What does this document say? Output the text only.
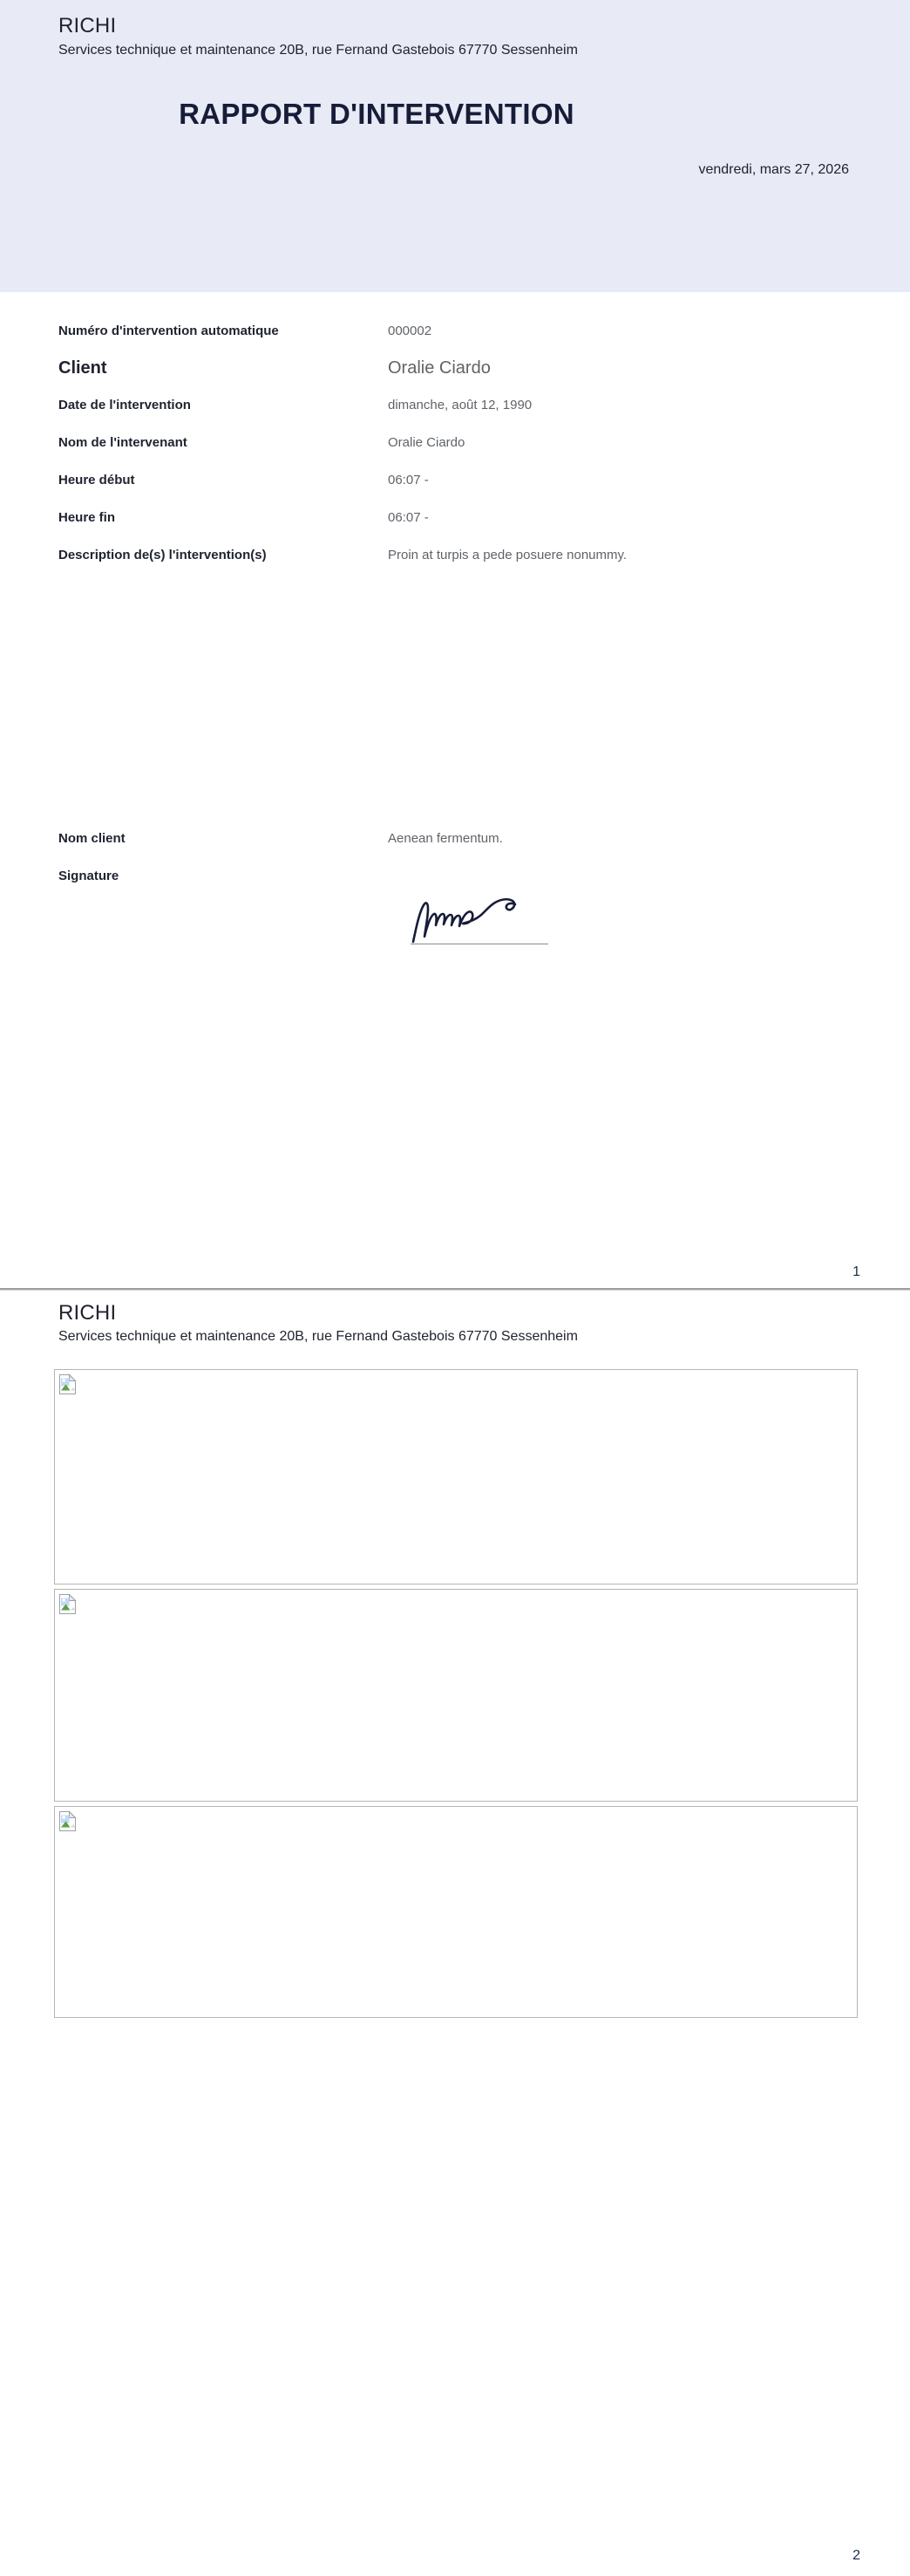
RICHI
Services technique et maintenance 20B, rue Fernand Gastebois 67770 Sessenheim
RAPPORT D'INTERVENTION
vendredi, mars 27, 2026
Numéro d'intervention automatique	000002
Client	Oralie Ciardo
Date de l'intervention	dimanche, août 12, 1990
Nom de l'intervenant	Oralie Ciardo
Heure début	06:07 -
Heure fin	06:07 -
Description de(s) l'intervention(s)	Proin at turpis a pede posuere nonummy.
Nom client	Aenean fermentum.
Signature
1
RICHI
Services technique et maintenance 20B, rue Fernand Gastebois 67770 Sessenheim
2
